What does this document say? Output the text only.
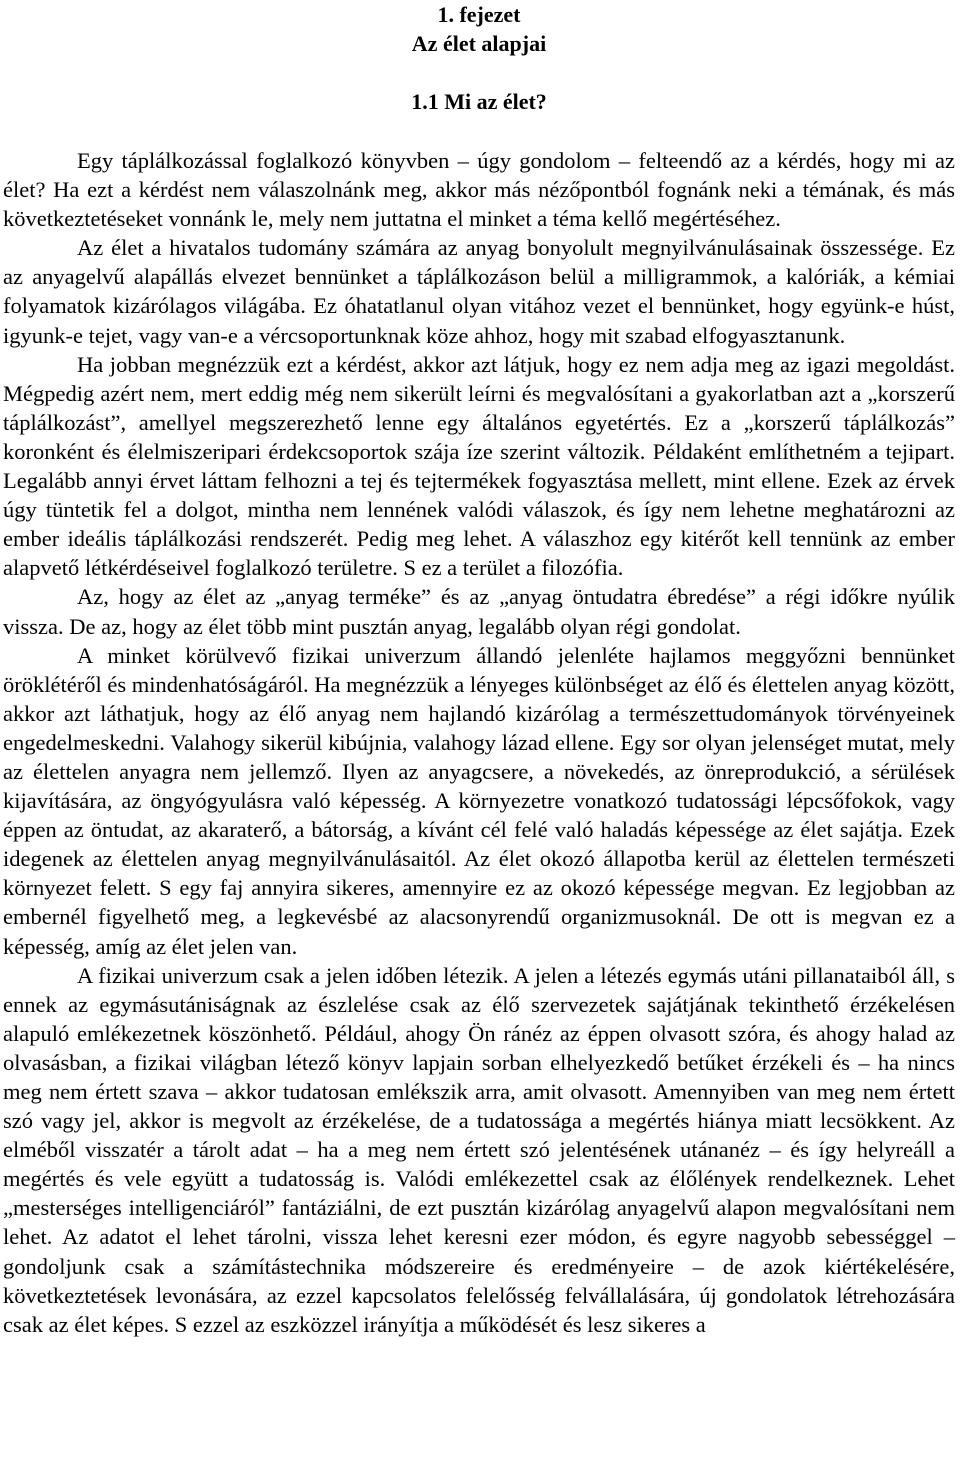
1. fejezet
Az élet alapjai
1.1 Mi az élet?

Egy táplálkozással foglalkozó könyvben – úgy gondolom – felteendő az a kérdés, hogy mi az élet? Ha ezt a kérdést nem válaszolnánk meg, akkor más nézőpontból fognánk neki a témának, és más következtetéseket vonnánk le, mely nem juttatna el minket a téma kellő megértéséhez.

Az élet a hivatalos tudomány számára az anyag bonyolult megnyilvánulásainak összessége. Ez az anyagelvű alapállás elvezet bennünket a táplálkozáson belül a milligrammok, a kalóriák, a kémiai folyamatok kizárólagos világába. Ez óhatatlanul olyan vitához vezet el bennünket, hogy együnk-e húst, igyunk-e tejet, vagy van-e a vércsoportunknak köze ahhoz, hogy mit szabad elfogyasztanunk.

Ha jobban megnézzük ezt a kérdést, akkor azt látjuk, hogy ez nem adja meg az igazi megoldást. Mégpedig azért nem, mert eddig még nem sikerült leírni és megvalósítani a gyakorlatban azt a „korszerű táplálkozást”, amellyel megszerezhető lenne egy általános egyetértés. Ez a „korszerű táplálkozás” koronként és élelmiszeripari érdekcsoportok szája íze szerint változik. Példaként említhetném a tejipart. Legalább annyi érvet láttam felhozni a tej és tejtermékek fogyasztása mellett, mint ellene. Ezek az érvek úgy tüntetik fel a dolgot, mintha nem lennének valódi válaszok, és így nem lehetne meghatározni az ember ideális táplálkozási rendszerét. Pedig meg lehet. A válaszhoz egy kitérőt kell tennünk az ember alapvető létkérdéseivel foglalkozó területre. S ez a terület a filozófia.

Az, hogy az élet az „anyag terméke” és az „anyag öntudatra ébredése” a régi időkre nyúlik vissza. De az, hogy az élet több mint pusztán anyag, legalább olyan régi gondolat.

A minket körülvevő fizikai univerzum állandó jelenléte hajlamos meggyőzni bennünket öröklétéről és mindenhatóságáról. Ha megnézzük a lényeges különbséget az élő és élettelen anyag között, akkor azt láthatjuk, hogy az élő anyag nem hajlandó kizárólag a természettudományok törvényeinek engedelmeskedni. Valahogy sikerül kibújnia, valahogy lázad ellene. Egy sor olyan jelenséget mutat, mely az élettelen anyagra nem jellemző. Ilyen az anyagcsere, a növekedés, az önreprodukció, a sérülések kijavítására, az öngyógyulásra való képesség. A környezetre vonatkozó tudatossági lépcsőfokok, vagy éppen az öntudat, az akaraterő, a bátorság, a kívánt cél felé való haladás képessége az élet sajátja. Ezek idegenek az élettelen anyag megnyilvánulásaitól. Az élet okozó állapotba kerül az élettelen természeti környezet felett. S egy faj annyira sikeres, amennyire ez az okozó képessége megvan. Ez legjobban az embernél figyelhető meg, a legkevésbé az alacsonyrendű organizmusoknál. De ott is megvan ez a képesség, amíg az élet jelen van.

A fizikai univerzum csak a jelen időben létezik. A jelen a létezés egymás utáni pillanataiból áll, s ennek az egymásutániságnak az észlelése csak az élő szervezetek sajátjának tekinthető érzékelésen alapuló emlékezetnek köszönhető. Például, ahogy Ön ránéz az éppen olvasott szóra, és ahogy halad az olvasásban, a fizikai világban létező könyv lapjain sorban elhelyezkedő betűket érzékeli és – ha nincs meg nem értett szava – akkor tudatosan emlékszik arra, amit olvasott. Amennyiben van meg nem értett szó vagy jel, akkor is megvolt az érzékelése, de a tudatossága a megértés hiánya miatt lecsökkent. Az elméből visszatér a tárolt adat – ha a meg nem értett szó jelentésének utánanéz – és így helyreáll a megértés és vele együtt a tudatosság is. Valódi emlékezettel csak az élőlények rendelkeznek. Lehet „mesterséges intelligenciáról” fantáziálni, de ezt pusztán kizárólag anyagelvű alapon megvalósítani nem lehet. Az adatot el lehet tárolni, vissza lehet keresni ezer módon, és egyre nagyobb sebességgel – gondoljunk csak a számítástechnika módszereire és eredményeire – de azok kiértékelésére, következtetések levonására, az ezzel kapcsolatos felelősség felvállalására, új gondolatok létrehozására csak az élet képes. S ezzel az eszközzel irányítja a működését és lesz sikeres a
